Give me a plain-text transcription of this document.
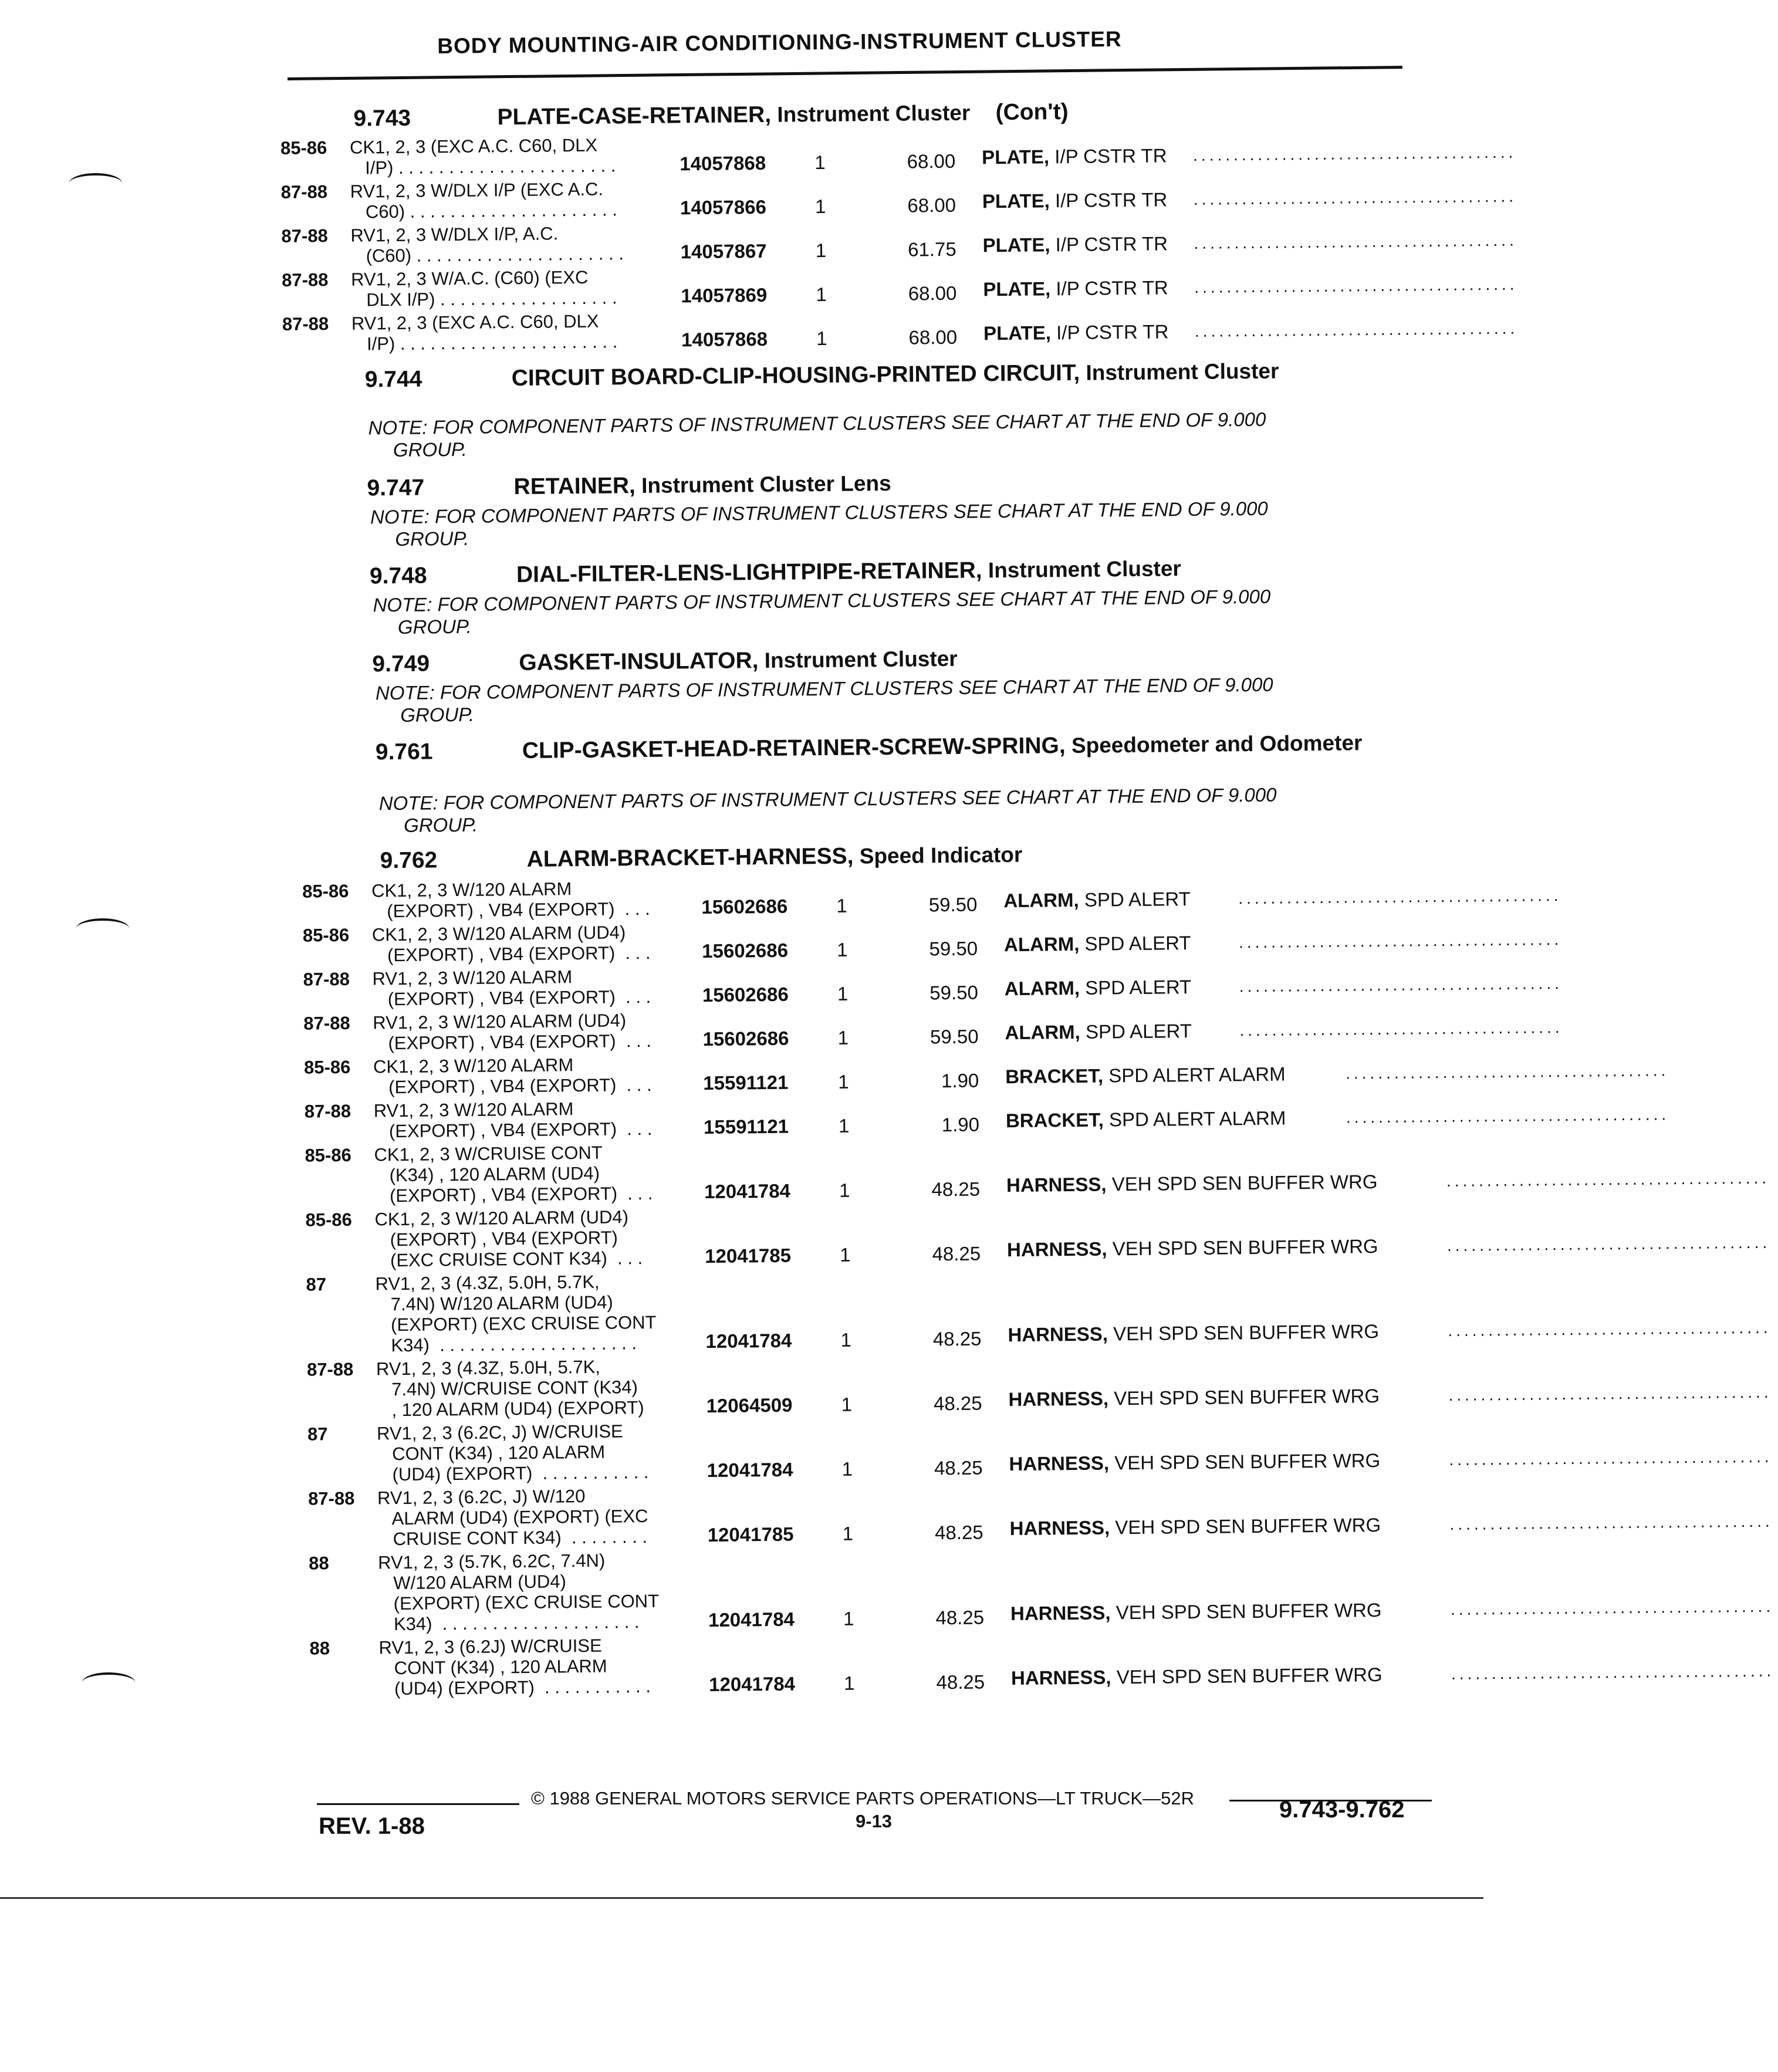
BODY MOUNTING-AIR CONDITIONING-INSTRUMENT CLUSTER
9.743	PLATE-CASE-RETAINER, Instrument Cluster (Con't)
85-86 CK1, 2, 3 (EXC A.C. C60, DLX
I/P) . . . . . . . . . . . . . . . . . . . . . .	14057868	1	68.00 PLATE, I/P CSTR TR ........................................
87-88 RV1, 2, 3 W/DLX I/P (EXC A.C.
C60) . . . . . . . . . . . . . . . . . . . . .	14057866	1	68.00 PLATE, I/P CSTR TR ........................................
87-88 RV1, 2, 3 W/DLX I/P, A.C.
(C60) . . . . . . . . . . . . . . . . . . . . .	14057867	1	61.75 PLATE, I/P CSTR TR ........................................
87-88 RV1, 2, 3 W/A.C. (C60) (EXC
DLX I/P) . . . . . . . . . . . . . . . . . .	14057869	1	68.00 PLATE, I/P CSTR TR ........................................
87-88 RV1, 2, 3 (EXC A.C. C60, DLX
I/P) . . . . . . . . . . . . . . . . . . . . . .	14057868	1	68.00 PLATE, I/P CSTR TR ........................................
9.744	CIRCUIT BOARD-CLIP-HOUSING-PRINTED CIRCUIT, Instrument Cluster
NOTE: FOR COMPONENT PARTS OF INSTRUMENT CLUSTERS SEE CHART AT THE END OF 9.000
GROUP.
9.747	RETAINER, Instrument Cluster Lens
NOTE: FOR COMPONENT PARTS OF INSTRUMENT CLUSTERS SEE CHART AT THE END OF 9.000
GROUP.
9.748	DIAL-FILTER-LENS-LIGHTPIPE-RETAINER, Instrument Cluster
NOTE: FOR COMPONENT PARTS OF INSTRUMENT CLUSTERS SEE CHART AT THE END OF 9.000
GROUP.
9.749	GASKET-INSULATOR, Instrument Cluster
NOTE: FOR COMPONENT PARTS OF INSTRUMENT CLUSTERS SEE CHART AT THE END OF 9.000
GROUP.
9.761	CLIP-GASKET-HEAD-RETAINER-SCREW-SPRING, Speedometer and Odometer
NOTE: FOR COMPONENT PARTS OF INSTRUMENT CLUSTERS SEE CHART AT THE END OF 9.000
GROUP.
9.762	ALARM-BRACKET-HARNESS, Speed Indicator
85-86 CK1, 2, 3 W/120 ALARM
(EXPORT) , VB4 (EXPORT)  . . .	15602686	1	59.50 ALARM, SPD ALERT	........................................
85-86 CK1, 2, 3 W/120 ALARM (UD4)
(EXPORT) , VB4 (EXPORT)  . . .	15602686	1	59.50 ALARM, SPD ALERT	........................................
87-88 RV1, 2, 3 W/120 ALARM
(EXPORT) , VB4 (EXPORT)  . . .	15602686	1	59.50 ALARM, SPD ALERT	........................................
87-88 RV1, 2, 3 W/120 ALARM (UD4)
(EXPORT) , VB4 (EXPORT)  . . .	15602686	1	59.50 ALARM, SPD ALERT	........................................
85-86 CK1, 2, 3 W/120 ALARM
(EXPORT) , VB4 (EXPORT)  . . .	15591121	1	1.90 BRACKET, SPD ALERT ALARM	........................................
87-88 RV1, 2, 3 W/120 ALARM
(EXPORT) , VB4 (EXPORT)  . . .	15591121	1	1.90 BRACKET, SPD ALERT ALARM	........................................
85-86 CK1, 2, 3 W/CRUISE CONT
(K34) , 120 ALARM (UD4)
(EXPORT) , VB4 (EXPORT)  . . .	12041784	1	48.25 HARNESS, VEH SPD SEN BUFFER WRG	........................................
85-86 CK1, 2, 3 W/120 ALARM (UD4)
(EXPORT) , VB4 (EXPORT)
(EXC CRUISE CONT K34)  . . .	12041785	1	48.25 HARNESS, VEH SPD SEN BUFFER WRG	........................................
87	RV1, 2, 3 (4.3Z, 5.0H, 5.7K,
7.4N) W/120 ALARM (UD4)
(EXPORT) (EXC CRUISE CONT
K34)  . . . . . . . . . . . . . . . . . . . .	12041784	1	48.25 HARNESS, VEH SPD SEN BUFFER WRG	........................................
87-88 RV1, 2, 3 (4.3Z, 5.0H, 5.7K,
7.4N) W/CRUISE CONT (K34)
, 120 ALARM (UD4) (EXPORT)	12064509	1	48.25 HARNESS, VEH SPD SEN BUFFER WRG	........................................
87	RV1, 2, 3 (6.2C, J) W/CRUISE
CONT (K34) , 120 ALARM
(UD4) (EXPORT)  . . . . . . . . . . .	12041784	1	48.25 HARNESS, VEH SPD SEN BUFFER WRG	........................................
87-88 RV1, 2, 3 (6.2C, J) W/120
ALARM (UD4) (EXPORT) (EXC
CRUISE CONT K34)  . . . . . . . .	12041785	1	48.25 HARNESS, VEH SPD SEN BUFFER WRG	........................................
88	RV1, 2, 3 (5.7K, 6.2C, 7.4N)
W/120 ALARM (UD4)
(EXPORT) (EXC CRUISE CONT
K34)  . . . . . . . . . . . . . . . . . . . .	12041784	1	48.25 HARNESS, VEH SPD SEN BUFFER WRG	........................................
88	RV1, 2, 3 (6.2J) W/CRUISE
CONT (K34) , 120 ALARM
(UD4) (EXPORT)  . . . . . . . . . . .	12041784	1	48.25 HARNESS, VEH SPD SEN BUFFER WRG	........................................
© 1988 GENERAL MOTORS SERVICE PARTS OPERATIONS—LT TRUCK—52R
9-13
REV. 1-88
9.743-9.762
